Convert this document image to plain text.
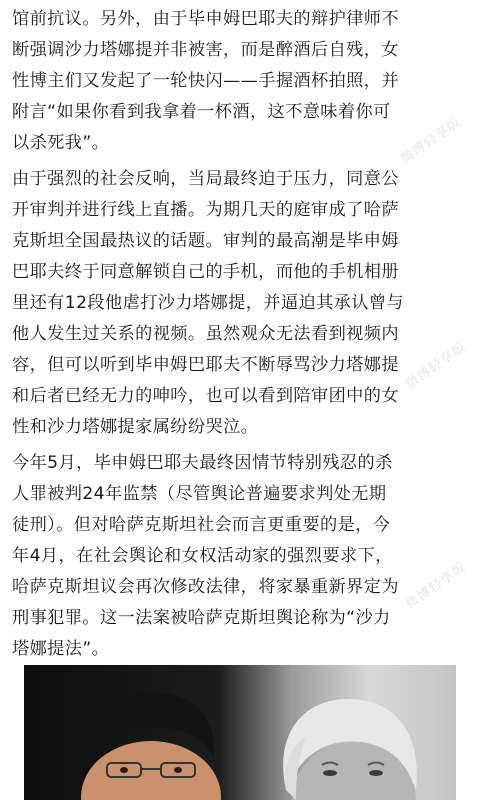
微博轻享版
微博轻享版
微博轻享版

馆前抗议。另外，由于毕申姆巴耶夫的辩护律师不
断强调沙力塔娜提并非被害，而是醉酒后自残，女
性博主们又发起了一轮快闪——手握酒杯拍照，并
附言“如果你看到我拿着一杯酒，这不意味着你可
以杀死我”。

由于强烈的社会反响，当局最终迫于压力，同意公
开审判并进行线上直播。为期几天的庭审成了哈萨
克斯坦全国最热议的话题。审判的最高潮是毕申姆
巴耶夫终于同意解锁自己的手机，而他的手机相册
里还有12段他虐打沙力塔娜提，并逼迫其承认曾与
他人发生过关系的视频。虽然观众无法看到视频内
容，但可以听到毕申姆巴耶夫不断辱骂沙力塔娜提
和后者已经无力的呻吟，也可以看到陪审团中的女
性和沙力塔娜提家属纷纷哭泣。

今年5月，毕申姆巴耶夫最终因情节特别残忍的杀
人罪被判24年监禁（尽管舆论普遍要求判处无期
徒刑）。但对哈萨克斯坦社会而言更重要的是，今
年4月，在社会舆论和女权活动家的强烈要求下，
哈萨克斯坦议会再次修改法律，将家暴重新界定为
刑事犯罪。这一法案被哈萨克斯坦舆论称为“沙力
塔娜提法”。
